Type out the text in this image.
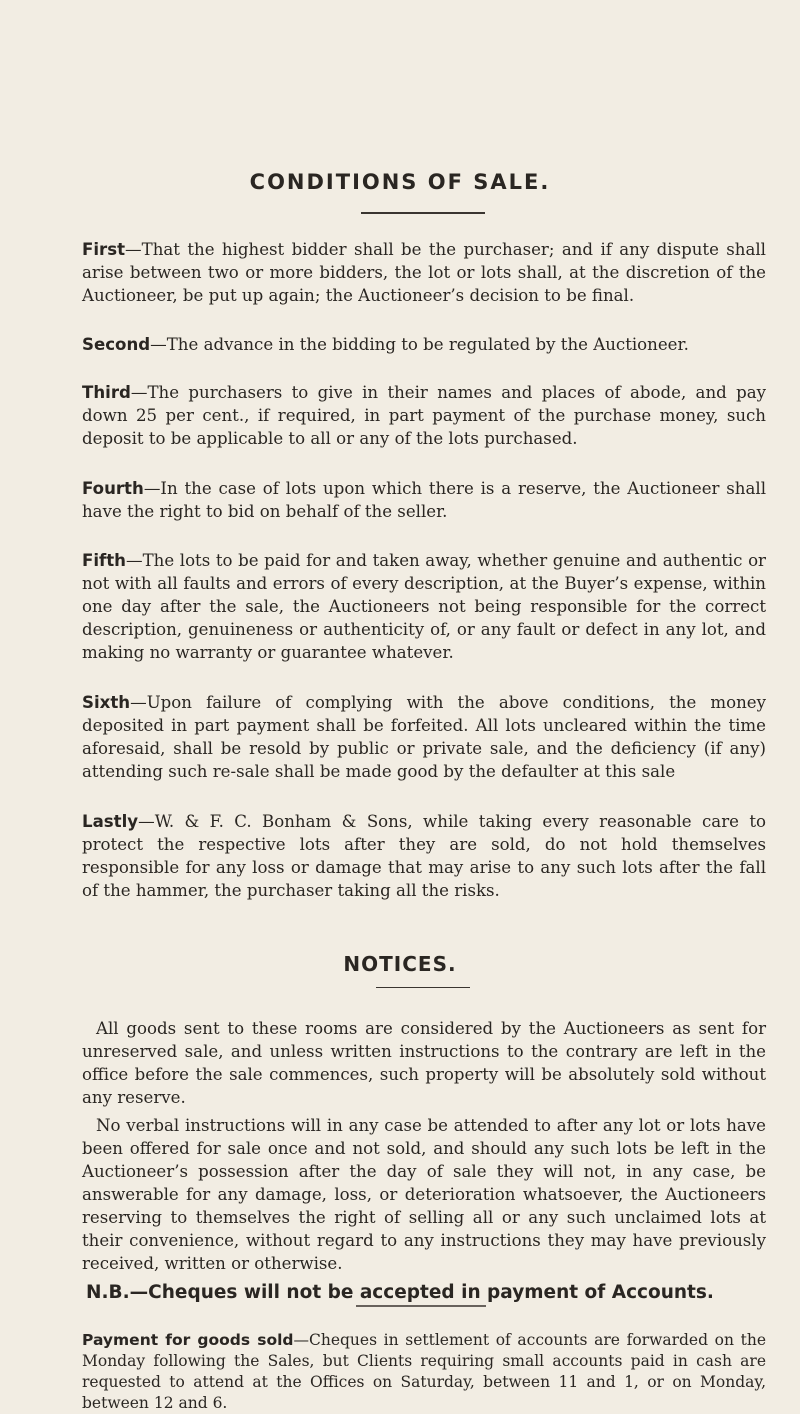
CONDITIONS OF SALE.

First—That the highest bidder shall be the purchaser; and if any dispute shall arise between two or more bidders, the lot or lots shall, at the discretion of the Auctioneer, be put up again; the Auctioneer’s decision to be final.

Second—The advance in the bidding to be regulated by the Auctioneer.

Third—The purchasers to give in their names and places of abode, and pay down 25 per cent., if required, in part payment of the purchase money, such deposit to be applicable to all or any of the lots purchased.

Fourth—In the case of lots upon which there is a reserve, the Auctioneer shall have the right to bid on behalf of the seller.

Fifth—The lots to be paid for and taken away, whether genuine and authentic or not with all faults and errors of every description, at the Buyer’s expense, within one day after the sale, the Auctioneers not being responsible for the correct description, genuineness or authenticity of, or any fault or defect in any lot, and making no warranty or guarantee whatever.

Sixth—Upon failure of complying with the above conditions, the money deposited in part payment shall be forfeited. All lots uncleared within the time aforesaid, shall be resold by public or private sale, and the deficiency (if any) attending such re-sale shall be made good by the defaulter at this sale

Lastly—W. & F. C. Bonham & Sons, while taking every reasonable care to protect the respective lots after they are sold, do not hold themselves responsible for any loss or damage that may arise to any such lots after the fall of the hammer, the purchaser taking all the risks.

NOTICES.

All goods sent to these rooms are considered by the Auctioneers as sent for unreserved sale, and unless written instructions to the contrary are left in the office before the sale commences, such property will be absolutely sold without any reserve.

No verbal instructions will in any case be attended to after any lot or lots have been offered for sale once and not sold, and should any such lots be left in the Auctioneer’s possession after the day of sale they will not, in any case, be answerable for any damage, loss, or deterioration whatsoever, the Auctioneers reserving to themselves the right of selling all or any such unclaimed lots at their convenience, without regard to any instructions they may have previously received, written or otherwise.

N.B.—Cheques will not be accepted in payment of Accounts.

Payment for goods sold—Cheques in settlement of accounts are forwarded on the Monday following the Sales, but Clients requiring small accounts paid in cash are requested to attend at the Offices on Saturday, between 11 and 1, or on Monday, between 12 and 6.
